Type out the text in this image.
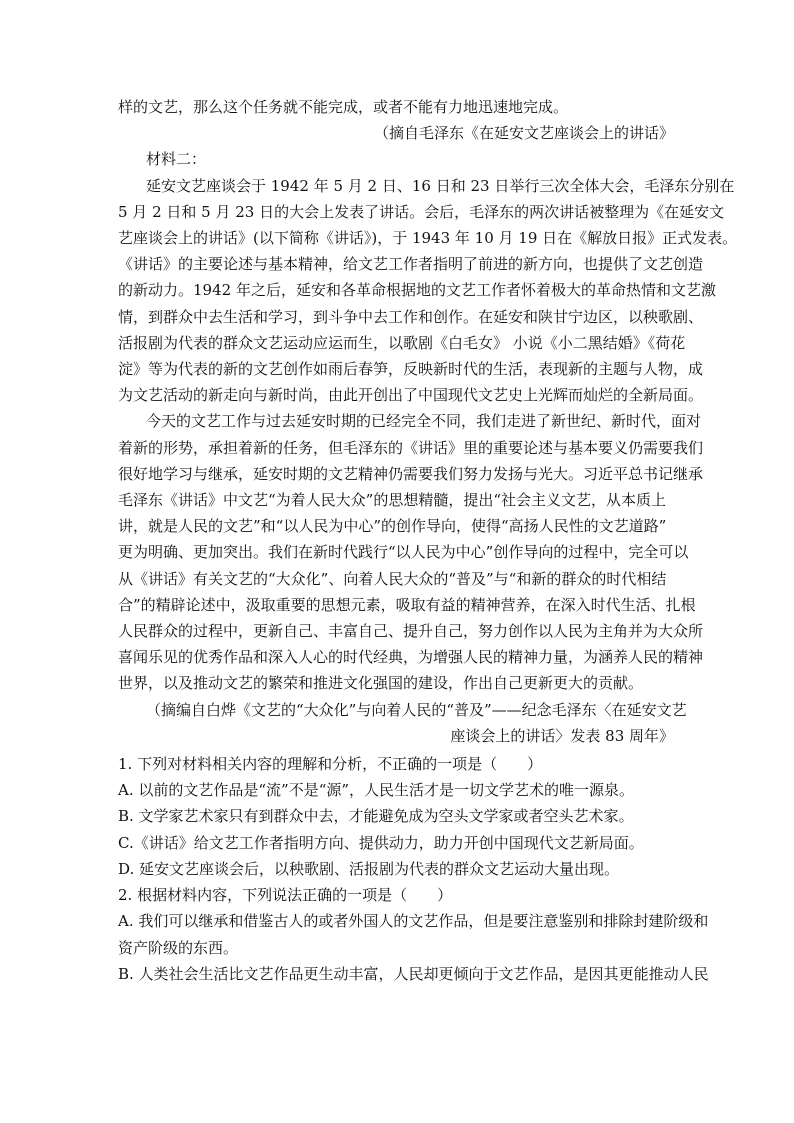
样的文艺，那么这个任务就不能完成，或者不能有力地迅速地完成。
（摘自毛泽东《在延安文艺座谈会上的讲话》
材料二：
延安文艺座谈会于 1942 年 5 月 2 日、16 日和 23 日举行三次全体大会，毛泽东分别在
5 月 2 日和 5 月 23 日的大会上发表了讲话。会后，毛泽东的两次讲话被整理为《在延安文
艺座谈会上的讲话》(以下简称《讲话》)，于 1943 年 10 月 19 日在《解放日报》正式发表。
《讲话》的主要论述与基本精神，给文艺工作者指明了前进的新方向，也提供了文艺创造
的新动力。1942 年之后，延安和各革命根据地的文艺工作者怀着极大的革命热情和文艺激
情，到群众中去生活和学习，到斗争中去工作和创作。在延安和陕甘宁边区，以秧歌剧、
活报剧为代表的群众文艺运动应运而生，以歌剧《白毛女》 小说《小二黑结婚》《荷花
淀》等为代表的新的文艺创作如雨后春笋，反映新时代的生活，表现新的主题与人物，成
为文艺活动的新走向与新时尚，由此开创出了中国现代文艺史上光辉而灿烂的全新局面。
今天的文艺工作与过去延安时期的已经完全不同，我们走进了新世纪、新时代，面对
着新的形势，承担着新的任务，但毛泽东的《讲话》里的重要论述与基本要义仍需要我们
很好地学习与继承，延安时期的文艺精神仍需要我们努力发扬与光大。习近平总书记继承
毛泽东《讲话》中文艺“为着人民大众”的思想精髓，提出“社会主义文艺，从本质上
讲，就是人民的文艺”和“以人民为中心”的创作导向，使得“高扬人民性的文艺道路”
更为明确、更加突出。我们在新时代践行“以人民为中心”创作导向的过程中，完全可以
从《讲话》有关文艺的“大众化”、向着人民大众的“普及”与“和新的群众的时代相结
合”的精辟论述中，汲取重要的思想元素，吸取有益的精神营养，在深入时代生活、扎根
人民群众的过程中，更新自己、丰富自己、提升自己，努力创作以人民为主角并为大众所
喜闻乐见的优秀作品和深入人心的时代经典，为增强人民的精神力量，为涵养人民的精神
世界，以及推动文艺的繁荣和推进文化强国的建设，作出自己更新更大的贡献。
（摘编自白烨《文艺的“大众化”与向着人民的“普及”——纪念毛泽东〈在延安文艺
座谈会上的讲话〉发表 83 周年》
1. 下列对材料相关内容的理解和分析，不正确的一项是（　　）
A. 以前的文艺作品是“流”不是“源”，人民生活才是一切文学艺术的唯一源泉。
B. 文学家艺术家只有到群众中去，才能避免成为空头文学家或者空头艺术家。
C.《讲话》给文艺工作者指明方向、提供动力，助力开创中国现代文艺新局面。
D. 延安文艺座谈会后，以秧歌剧、活报剧为代表的群众文艺运动大量出现。
2. 根据材料内容，下列说法正确的一项是（　　）
A. 我们可以继承和借鉴古人的或者外国人的文艺作品，但是要注意鉴别和排除封建阶级和
资产阶级的东西。
B. 人类社会生活比文艺作品更生动丰富，人民却更倾向于文艺作品，是因其更能推动人民
